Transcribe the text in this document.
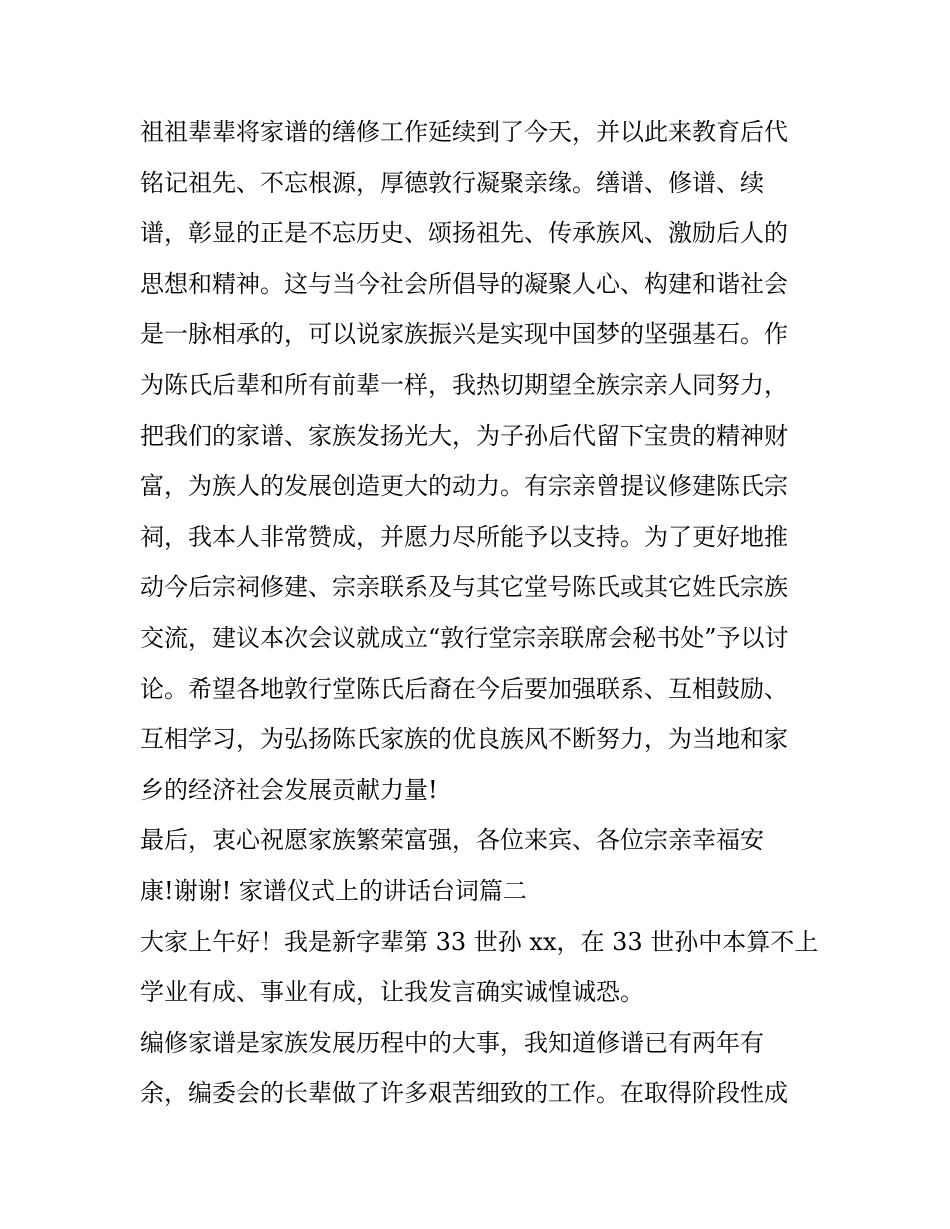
祖祖辈辈将家谱的缮修工作延续到了今天，并以此来教育后代
铭记祖先、不忘根源，厚德敦行凝聚亲缘。缮谱、修谱、续
谱，彰显的正是不忘历史、颂扬祖先、传承族风、激励后人的
思想和精神。这与当今社会所倡导的凝聚人心、构建和谐社会
是一脉相承的，可以说家族振兴是实现中国梦的坚强基石。作
为陈氏后辈和所有前辈一样，我热切期望全族宗亲人同努力，
把我们的家谱、家族发扬光大，为子孙后代留下宝贵的精神财
富，为族人的发展创造更大的动力。有宗亲曾提议修建陈氏宗
祠，我本人非常赞成，并愿力尽所能予以支持。为了更好地推
动今后宗祠修建、宗亲联系及与其它堂号陈氏或其它姓氏宗族
交流，建议本次会议就成立“敦行堂宗亲联席会秘书处”予以讨
论。希望各地敦行堂陈氏后裔在今后要加强联系、互相鼓励、
互相学习，为弘扬陈氏家族的优良族风不断努力，为当地和家
乡的经济社会发展贡献力量!
最后，衷心祝愿家族繁荣富强，各位来宾、各位宗亲幸福安
康!谢谢! 家谱仪式上的讲话台词篇二
大家上午好！我是新字辈第 33 世孙 xx，在 33 世孙中本算不上
学业有成、事业有成，让我发言确实诚惶诚恐。
编修家谱是家族发展历程中的大事，我知道修谱已有两年有
余，编委会的长辈做了许多艰苦细致的工作。在取得阶段性成
